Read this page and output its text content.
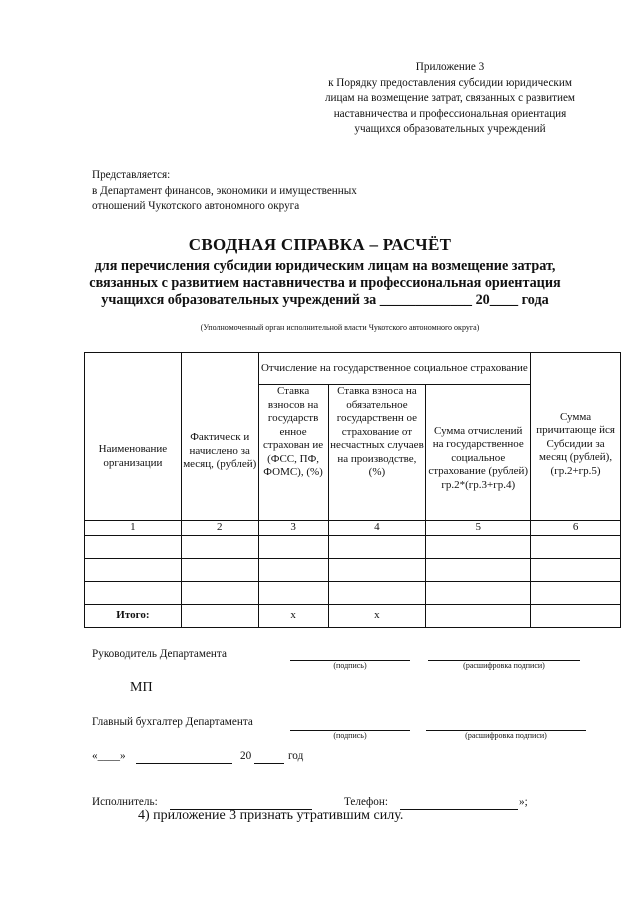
Приложение 3
к Порядку предоставления субсидии юридическим
лицам на возмещение затрат, связанных с развитием
наставничества и профессиональная ориентация
учащихся образовательных учреждений
Представляется:
в Департамент финансов, экономики и имущественных
отношений Чукотского автономного округа
СВОДНАЯ СПРАВКА – РАСЧЁТ
для перечисления субсидии юридическим лицам на возмещение затрат,
связанных с развитием наставничества и профессиональная ориентация
учащихся образовательных учреждений за _____________ 20____ года
(Уполномоченный орган исполнительной власти Чукотского автономного округа)
Наименование организации	Фактическ и начислено за месяц, (рублей)	Отчисление на государственное социальное страхование			Сумма причитающе йся Субсидии за месяц (рублей), (гр.2+гр.5)
		Ставка взносов на государств енное страхован ие (ФСС, ПФ, ФОМС), (%)	Ставка взноса на обязательное государственн ое страхование от несчастных случаев на производстве, (%)	Сумма отчислений на государственное социальное страхование (рублей) гр.2*(гр.3+гр.4)	
1	2	3	4	5	6

Итого:		x	x		
Руководитель Департамента
(подпись)	(расшифровка подписи)
МП
Главный бухгалтер Департамента
(подпись)	(расшифровка подписи)
«____»	20	год
Исполнитель:	Телефон:	»;
4) приложение 3 признать утратившим силу.
